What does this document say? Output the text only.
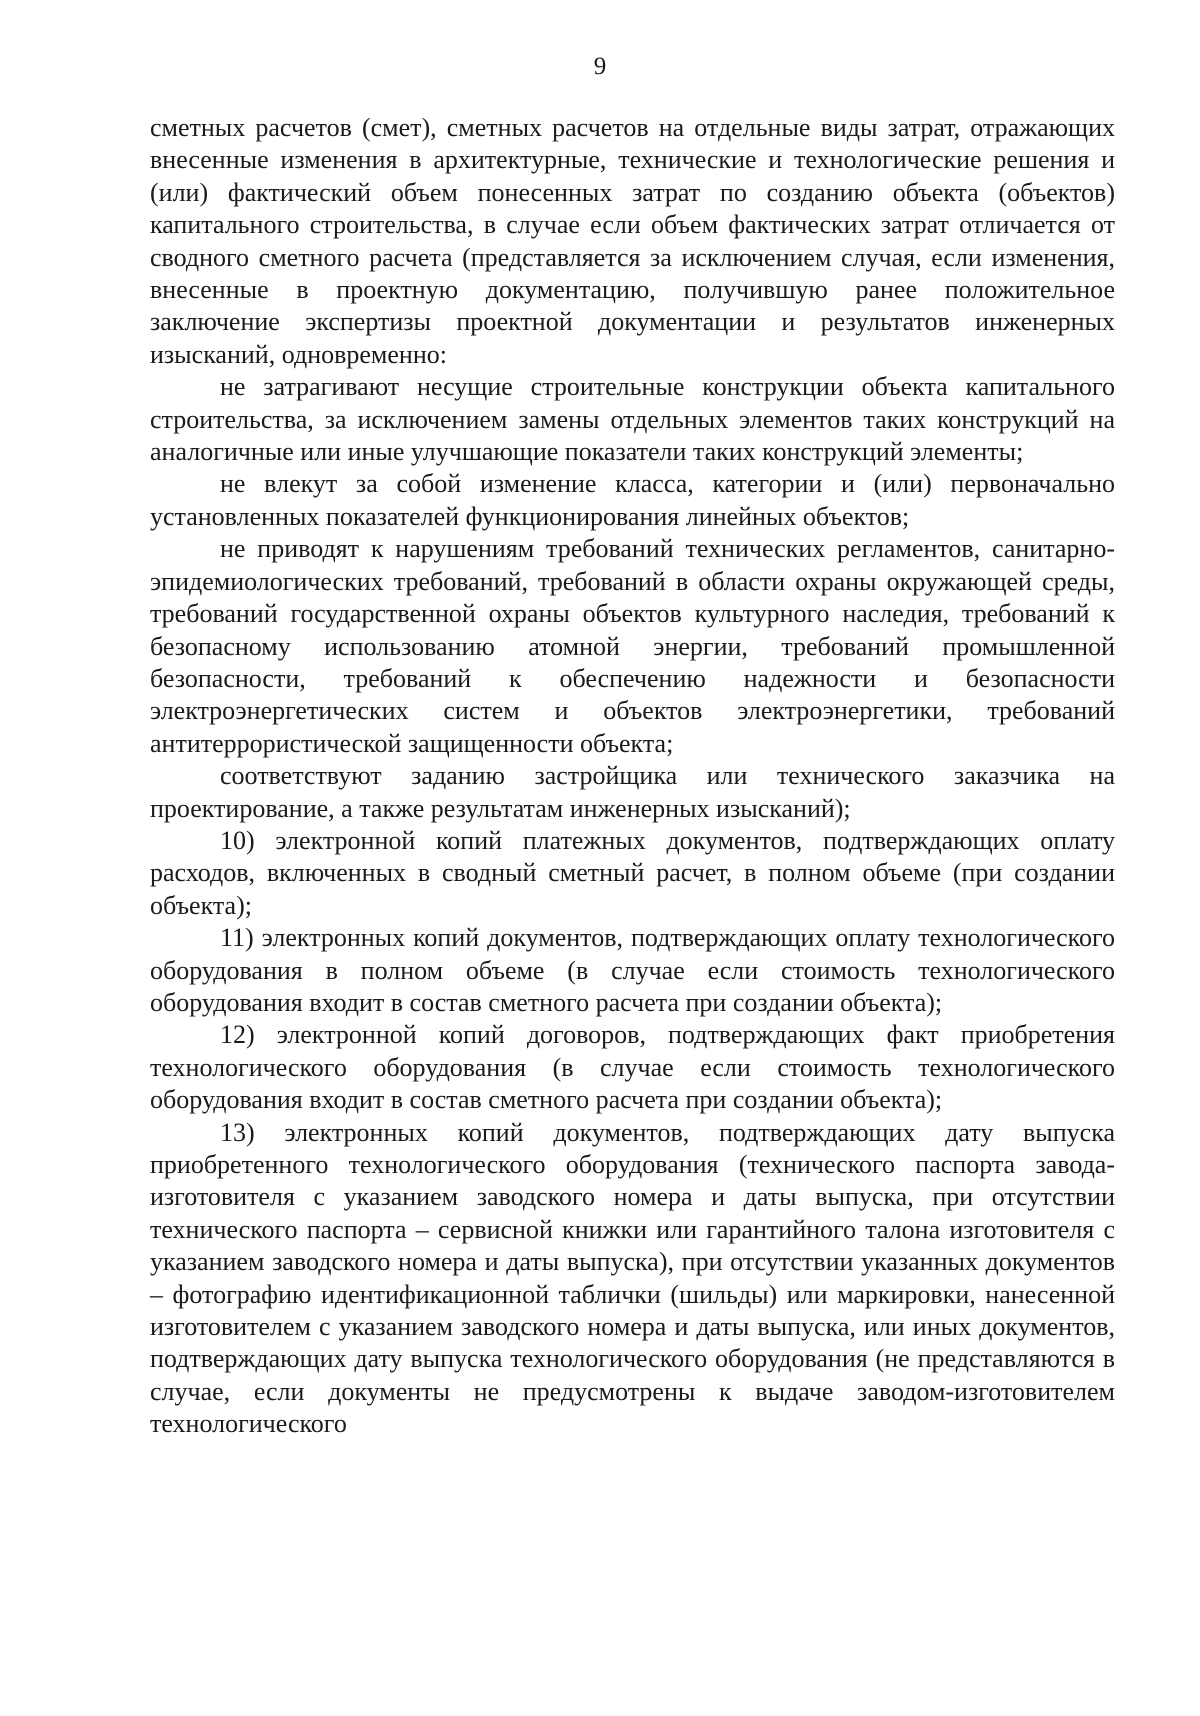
9

сметных расчетов (смет), сметных расчетов на отдельные виды затрат, отражающих внесенные изменения в архитектурные, технические и технологические решения и (или) фактический объем понесенных затрат по созданию объекта (объектов) капитального строительства, в случае если объем фактических затрат отличается от сводного сметного расчета (представляется за исключением случая, если изменения, внесенные в проектную документацию, получившую ранее положительное заключение экспертизы проектной документации и результатов инженерных изысканий, одновременно:

не затрагивают несущие строительные конструкции объекта капитального строительства, за исключением замены отдельных элементов таких конструкций на аналогичные или иные улучшающие показатели таких конструкций элементы;

не влекут за собой изменение класса, категории и (или) первоначально установленных показателей функционирования линейных объектов;

не приводят к нарушениям требований технических регламентов, санитарно-эпидемиологических требований, требований в области охраны окружающей среды, требований государственной охраны объектов культурного наследия, требований к безопасному использованию атомной энергии, требований промышленной безопасности, требований к обеспечению надежности и безопасности электроэнергетических систем и объектов электроэнергетики, требований антитеррористической защищенности объекта;

соответствуют заданию застройщика или технического заказчика на проектирование, а также результатам инженерных изысканий);

10) электронной копий платежных документов, подтверждающих оплату расходов, включенных в сводный сметный расчет, в полном объеме (при создании объекта);

11) электронных копий документов, подтверждающих оплату технологического оборудования в полном объеме (в случае если стоимость технологического оборудования входит в состав сметного расчета при создании объекта);

12) электронной копий договоров, подтверждающих факт приобретения технологического оборудования (в случае если стоимость технологического оборудования входит в состав сметного расчета при создании объекта);

13) электронных копий документов, подтверждающих дату выпуска приобретенного технологического оборудования (технического паспорта завода-изготовителя с указанием заводского номера и даты выпуска, при отсутствии технического паспорта – сервисной книжки или гарантийного талона изготовителя с указанием заводского номера и даты выпуска), при отсутствии указанных документов – фотографию идентификационной таблички (шильды) или маркировки, нанесенной изготовителем с указанием заводского номера и даты выпуска, или иных документов, подтверждающих дату выпуска технологического оборудования (не представляются в случае, если документы не предусмотрены к выдаче заводом-изготовителем технологического
